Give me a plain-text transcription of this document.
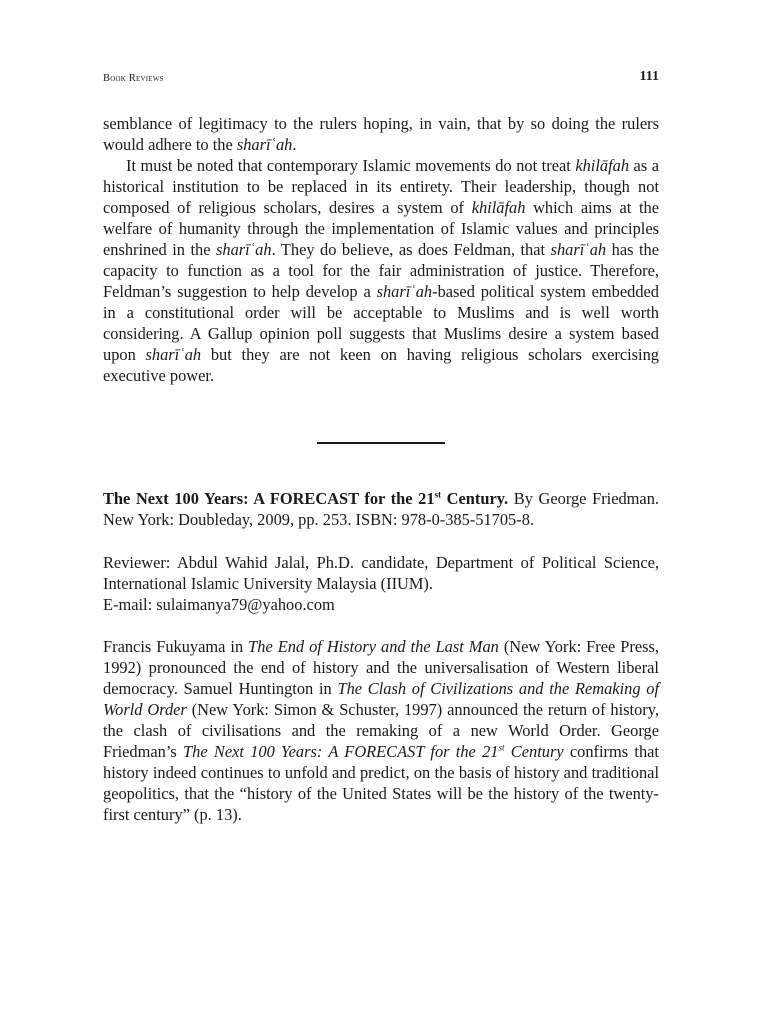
Book Reviews	111

semblance of legitimacy to the rulers hoping, in vain, that by so doing the rulers would adhere to the sharīʿah.

It must be noted that contemporary Islamic movements do not treat khilāfah as a historical institution to be replaced in its entirety. Their leadership, though not composed of religious scholars, desires a system of khilāfah which aims at the welfare of humanity through the implementation of Islamic values and principles enshrined in the sharīʿah. They do believe, as does Feldman, that sharīʿah has the capacity to function as a tool for the fair administration of justice. Therefore, Feldman’s suggestion to help develop a sharīʿah-based political system embedded in a constitutional order will be acceptable to Muslims and is well worth considering. A Gallup opinion poll suggests that Muslims desire a system based upon sharīʿah but they are not keen on having religious scholars exercising executive power.

The Next 100 Years: A FORECAST for the 21st Century. By George Friedman. New York: Doubleday, 2009, pp. 253. ISBN: 978-0-385-51705-8.

Reviewer: Abdul Wahid Jalal, Ph.D. candidate, Department of Political Science, International Islamic University Malaysia (IIUM).
E-mail: sulaimanya79@yahoo.com

Francis Fukuyama in The End of History and the Last Man (New York: Free Press, 1992) pronounced the end of history and the universalisation of Western liberal democracy. Samuel Huntington in The Clash of Civilizations and the Remaking of World Order (New York: Simon & Schuster, 1997) announced the return of history, the clash of civilisations and the remaking of a new World Order. George Friedman’s The Next 100 Years: A FORECAST for the 21st Century confirms that history indeed continues to unfold and predict, on the basis of history and traditional geopolitics, that the “history of the United States will be the history of the twenty-first century” (p. 13).
